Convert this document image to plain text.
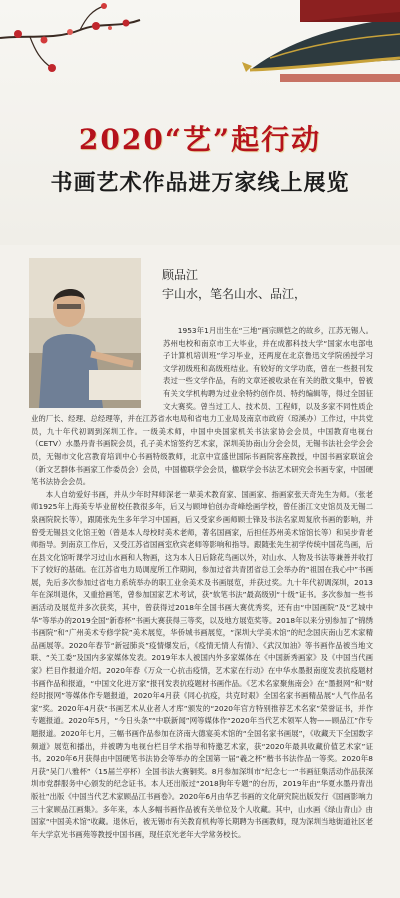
2020“艺”起行动
书画艺术作品进万家线上展览
顾品江
宇山水，笔名山水、品江，

1953年1月出生在“三地”画宗顾恺之的故乡，江苏无锡人。苏州电校和南京市工大毕业，并在成都科技大学“国家水电部电子计算机培训班”学习毕业，还两度在北京鲁迅文学院函授学习文学初级班和高级班结业。有较好的文学功底，曾在一些报刊发表过一些文学作品，有的文章还被收录在有关的散文集中，曾被有关文学机构聘为过业余特约创作员、特约编辑等，得过全国征文大赛奖。曾当过工人、技术员、工程师，以及多家不同性质企业的厂长、经理、总经理等，并在江苏省水电局和省电力工业局及南京市政府（琼溪办）工作过，中共党员，九十年代初调到深圳工作。一级美术师，中国中央国家机关书法家协会会员，中国教育电视台（CETV）水墨丹青书画院会员，孔子美术馆签约艺术家，深圳美协南山分会会员，无锡书法社会学会会员，无锡市文化宫教育培训中心书画特级教师，北京中宣盛世国际书画院客座教授，中国书画家联谊会（新文艺群体书画家工作委员会）会员，中国楹联学会会员，楹联学会书法艺术研究会书画专家，中国硬笔书法协会会员。

本人自幼爱好书画，并从少年时拜师深老一辈美术教育家、国画家、指画家张天奇先生为师。（张老师1925年上海美专毕业留校任教很多年，后又与顾坤伯创办奇峰绘画学校，曾任浙江文史馆员及无锡二泉画院院长等），跟随张先生多年学习中国画，后又受家乡画师顾士锋及书法名家周复欣书画的影响，并曾受无锡县文化馆王勉（曾是本人母校时美术老师，著名国画家，后担任苏州美术馆馆长等）和吴步青老师指导。到南京工作后，又受江苏省国画室欣宾老师等影响和指导。跟随张先生初学传统中国花鸟画，后在县文化馆听课学习过山水画和人物画，这为本人日后除花鸟画以外，对山水、人物及书法等兼善并收打下了较好的基础。在江苏省电力局调度所工作期间，参加过省共青团省总工会举办的“祖国在我心中”书画展，先后多次参加过省电力系统举办的职工业余美术及书画展览，并获过奖。九十年代初调深圳，2013年在深圳退休，又重拾画笔，曾参加国家艺术考试，获“软笔书法”最高级别“十级”证书。多次参加一些书画活动及展览并多次获奖，其中，曾获得过2018年全国书画大赛优秀奖，还有由“中国画院”及“艺城中华”等举办的2019全国“新春杯”书画大赛获得三等奖，以及地方展览奖等。2018年以来分别参加了“锦绣书画院”和“广州美术专修学院”美术展览，华侨城书画展览，“深圳大学美术馆”的纪念国庆南山艺术家精品画展等。2020年春节“新冠肺炎”疫情爆发后，《疫情无情人有情》、《武汉加油》等书画作品被当地文联、“关工委”及国内多家媒体发表。2019年本人被国内外多家媒体在《中国新秀画家》及《中国当代画家》栏目作报道介绍。2020年春《万众一心抗击疫情，艺术家在行动》在中华水墨报南度发表抗疫题材书画作品和报道，“中国文化进万家”报刊发表抗疫题材书画作品。《艺术名家聚焦南会》在“墨报网”和“财经时报网”等媒体作专题报道，2020年4月获《同心抗疫，共克时艰》全国名家书画精品展“人气作品名家”奖。2020年4月获“书画艺术从业者人才库”颁发的“2020年官方特别推荐艺术名家”荣誉证书，并作专题报道。2020年5月，“今日头条”“中联新闻”网等媒体作“2020年当代艺术领军人物——顾品江”作专题报道。2020年七月，三幅书画作品参加在济南大德宴美术馆的“全国名家书画展”，《收藏天下全国数字频道》展览和播出，并被聘为电视台栏目学术指导和特邀艺术家，获“2020年最具收藏价值艺术家”证书。2020年6月获得由中国硬笔书法协会等举办的全国第一届“羲之杯”楷书书法作品一等奖。2020年8月获“吴门八雅杯”（15届兰亭杯）全国书法大赛铜奖。8月参加深圳市“纪念七一”书画征集活动作品获深圳市党群服务中心颁发的纪念证书。本人还出版过“2018狗年专题”的台历，2019年由“华夏水墨丹青出版社”出版《中国当代艺术家顾品江书画卷》。2020年6月由华艺书画的文化研究院出版发行《国画影响力三十家顾品江画集》。多年来，本人多幅书画作品被有关单位及个人收藏。其中，山水画《绿山青山》由国家“中国美术馆”收藏。退休后，被无锡市有关教育机构等长期聘为书画教师，现为深圳当地街道社区老年大学京光书画苑等教授中国书画，现任京光老年大学常务校长。
